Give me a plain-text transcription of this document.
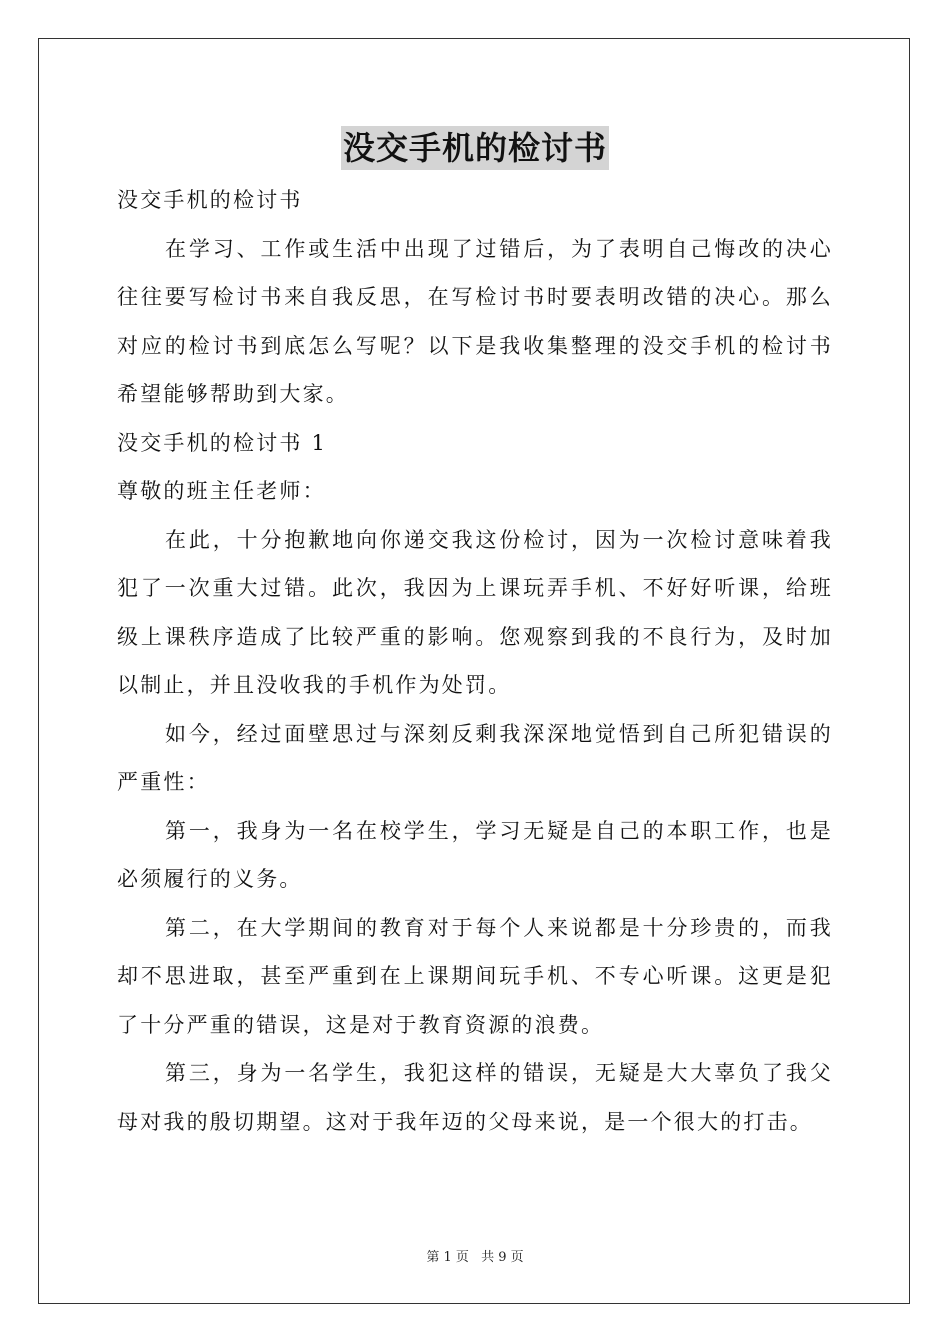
没交手机的检讨书

没交手机的检讨书

在学习、工作或生活中出现了过错后，为了表明自己悔改的决心往往要写检讨书来自我反思，在写检讨书时要表明改错的决心。那么对应的检讨书到底怎么写呢？以下是我收集整理的没交手机的检讨书希望能够帮助到大家。

没交手机的检讨书 1

尊敬的班主任老师：

在此，十分抱歉地向你递交我这份检讨，因为一次检讨意味着我犯了一次重大过错。此次，我因为上课玩弄手机、不好好听课，给班级上课秩序造成了比较严重的影响。您观察到我的不良行为，及时加以制止，并且没收我的手机作为处罚。

如今，经过面壁思过与深刻反剩我深深地觉悟到自己所犯错误的严重性：

第一，我身为一名在校学生，学习无疑是自己的本职工作，也是必须履行的义务。

第二，在大学期间的教育对于每个人来说都是十分珍贵的，而我却不思进取，甚至严重到在上课期间玩手机、不专心听课。这更是犯了十分严重的错误，这是对于教育资源的浪费。

第三，身为一名学生，我犯这样的错误，无疑是大大辜负了我父母对我的殷切期望。这对于我年迈的父母来说，是一个很大的打击。

第 1 页 共 9 页
